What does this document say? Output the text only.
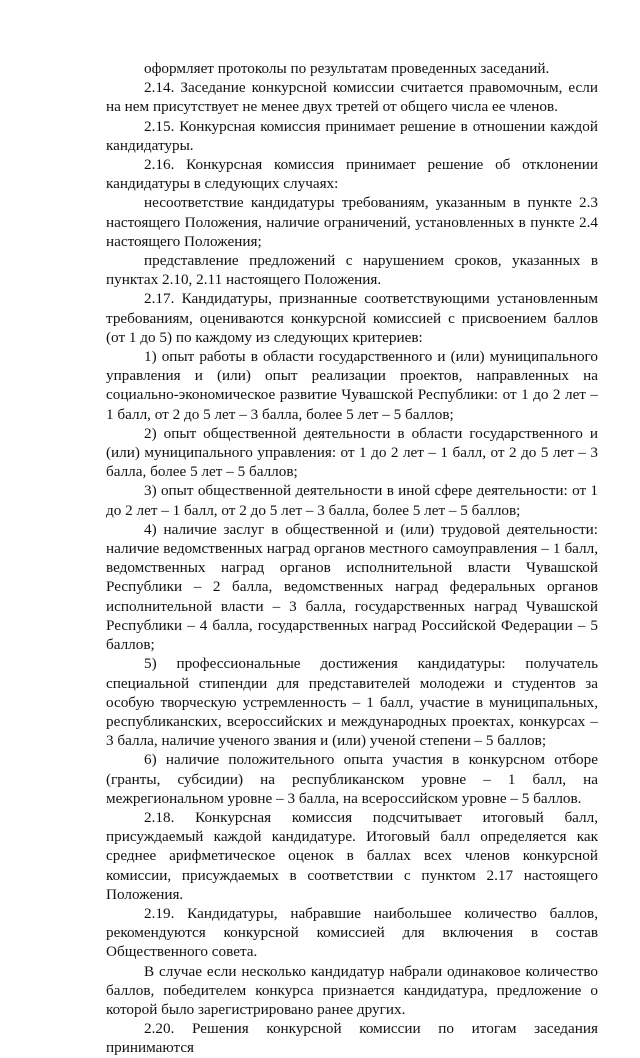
оформляет протоколы по результатам проведенных заседаний.

2.14. Заседание конкурсной комиссии считается правомочным, если на нем присутствует не менее двух третей от общего числа ее членов.

2.15. Конкурсная комиссия принимает решение в отношении каждой кандидатуры.

2.16. Конкурсная комиссия принимает решение об отклонении кандидатуры в следующих случаях:

несоответствие кандидатуры требованиям, указанным в пункте 2.3 настоящего Положения, наличие ограничений, установленных в пункте 2.4 настоящего Положения;

представление предложений с нарушением сроков, указанных в пунктах 2.10, 2.11 настоящего Положения.

2.17. Кандидатуры, признанные соответствующими установленным требованиям, оцениваются конкурсной комиссией с присвоением баллов (от 1 до 5) по каждому из следующих критериев:

1) опыт работы в области государственного и (или) муниципального управления и (или) опыт реализации проектов, направленных на социально-экономическое развитие Чувашской Республики: от 1 до 2 лет – 1 балл, от 2 до 5 лет – 3 балла, более 5 лет – 5 баллов;

2) опыт общественной деятельности в области государственного и (или) муниципального управления: от 1 до 2 лет – 1 балл, от 2 до 5 лет – 3 балла, более 5 лет – 5 баллов;

3) опыт общественной деятельности в иной сфере деятельности: от 1 до 2 лет – 1 балл, от 2 до 5 лет – 3 балла, более 5 лет – 5 баллов;

4) наличие заслуг в общественной и (или) трудовой деятельности: наличие ведомственных наград органов местного самоуправления – 1 балл, ведомственных наград органов исполнительной власти Чувашской Республики – 2 балла, ведомственных наград федеральных органов исполнительной власти – 3 балла, государственных наград Чувашской Республики – 4 балла, государственных наград Российской Федерации – 5 баллов;

5) профессиональные достижения кандидатуры: получатель специальной стипендии для представителей молодежи и студентов за особую творческую устремленность – 1 балл, участие в муниципальных, республиканских, всероссийских и международных проектах, конкурсах – 3 балла, наличие ученого звания и (или) ученой степени – 5 баллов;

6) наличие положительного опыта участия в конкурсном отборе (гранты, субсидии) на республиканском уровне – 1 балл, на межрегиональном уровне – 3 балла, на всероссийском уровне – 5 баллов.

2.18. Конкурсная комиссия подсчитывает итоговый балл, присуждаемый каждой кандидатуре. Итоговый балл определяется как среднее арифметическое оценок в баллах всех членов конкурсной комиссии, присуждаемых в соответствии с пунктом 2.17 настоящего Положения.

2.19. Кандидатуры, набравшие наибольшее количество баллов, рекомендуются конкурсной комиссией для включения в состав Общественного совета.

В случае если несколько кандидатур набрали одинаковое количество баллов, победителем конкурса признается кандидатура, предложение о которой было зарегистрировано ранее других.

2.20. Решения конкурсной комиссии по итогам заседания принимаются
